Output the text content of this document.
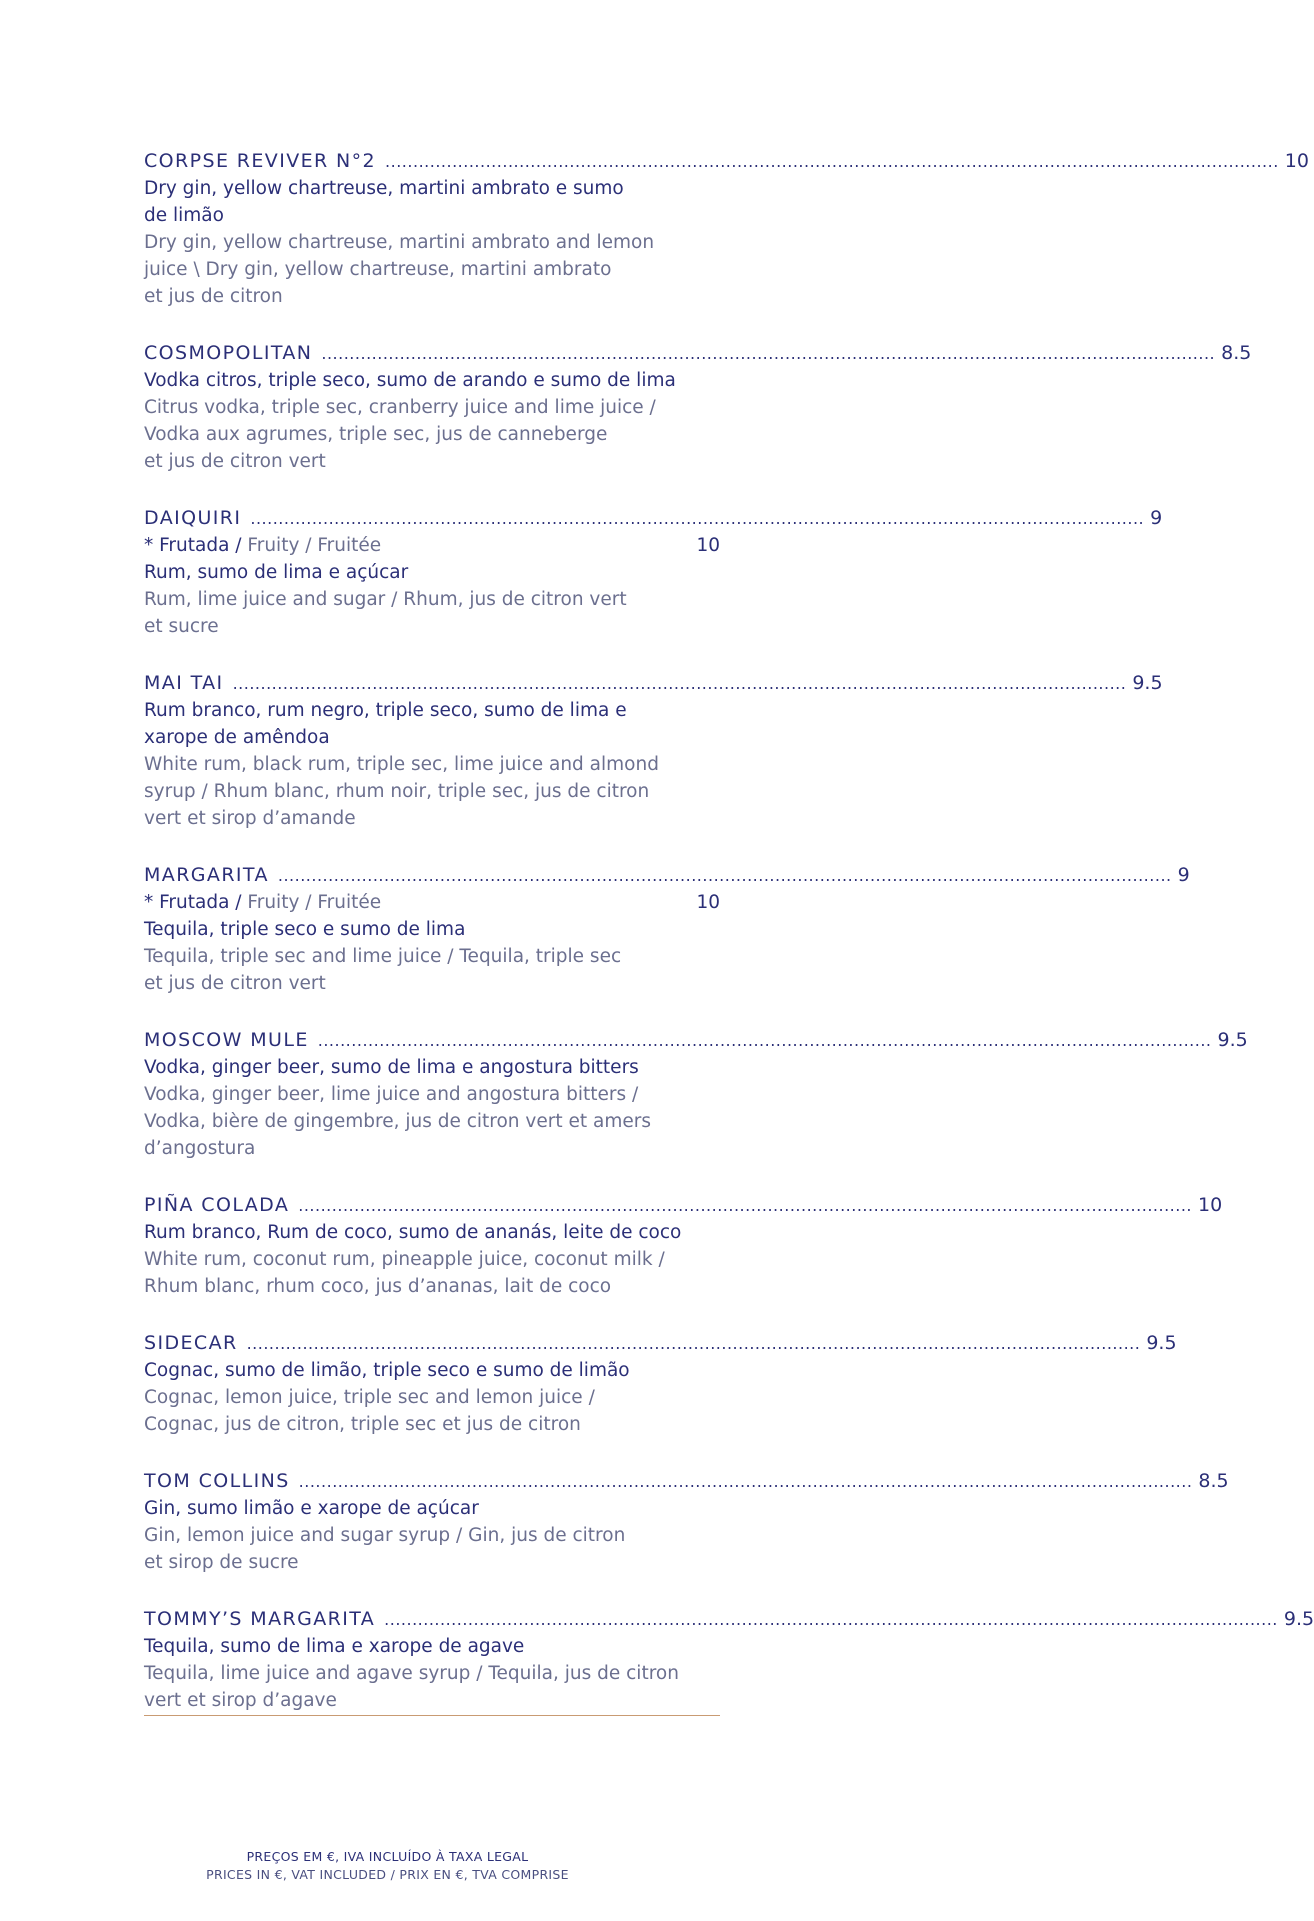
CORPSE REVIVER N°2 ................................................................................................................................................................ 10

Dry gin, yellow chartreuse, martini ambrato e sumo
de limão

Dry gin, yellow chartreuse, martini ambrato and lemon
juice \ Dry gin, yellow chartreuse, martini ambrato
et jus de citron

COSMOPOLITAN ................................................................................................................................................................ 8.5

Vodka citros, triple seco, sumo de arando e sumo de lima

Citrus vodka, triple sec, cranberry juice and lime juice /
Vodka aux agrumes, triple sec, jus de canneberge
et jus de citron vert

DAIQUIRI ................................................................................................................................................................ 9
* Frutada / Fruity / Fruitée	10

Rum, sumo de lima e açúcar

Rum, lime juice and sugar / Rhum, jus de citron vert
et sucre

MAI TAI ................................................................................................................................................................ 9.5

Rum branco, rum negro, triple seco, sumo de lima e
xarope de amêndoa

White rum, black rum, triple sec, lime juice and almond
syrup / Rhum blanc, rhum noir, triple sec, jus de citron
vert et sirop d’amande

MARGARITA ................................................................................................................................................................ 9
* Frutada / Fruity / Fruitée	10

Tequila, triple seco e sumo de lima

Tequila, triple sec and lime juice / Tequila, triple sec
et jus de citron vert

MOSCOW MULE ................................................................................................................................................................ 9.5

Vodka, ginger beer, sumo de lima e angostura bitters

Vodka, ginger beer, lime juice and angostura bitters /
Vodka, bière de gingembre, jus de citron vert et amers
d’angostura

PIÑA COLADA ................................................................................................................................................................ 10

Rum branco, Rum de coco, sumo de ananás, leite de coco

White rum, coconut rum, pineapple juice, coconut milk /
Rhum blanc, rhum coco, jus d’ananas, lait de coco

SIDECAR ................................................................................................................................................................ 9.5

Cognac, sumo de limão, triple seco e sumo de limão

Cognac, lemon juice, triple sec and lemon juice /
Cognac, jus de citron, triple sec et jus de citron

TOM COLLINS ................................................................................................................................................................ 8.5

Gin, sumo limão e xarope de açúcar

Gin, lemon juice and sugar syrup / Gin, jus de citron
et sirop de sucre

TOMMY’S MARGARITA ................................................................................................................................................................ 9.5

Tequila, sumo de lima e xarope de agave

Tequila, lime juice and agave syrup / Tequila, jus de citron
vert et sirop d’agave

PREÇOS EM €, IVA INCLUÍDO À TAXA LEGAL
PRICES IN €, VAT INCLUDED / PRIX EN €, TVA COMPRISE
